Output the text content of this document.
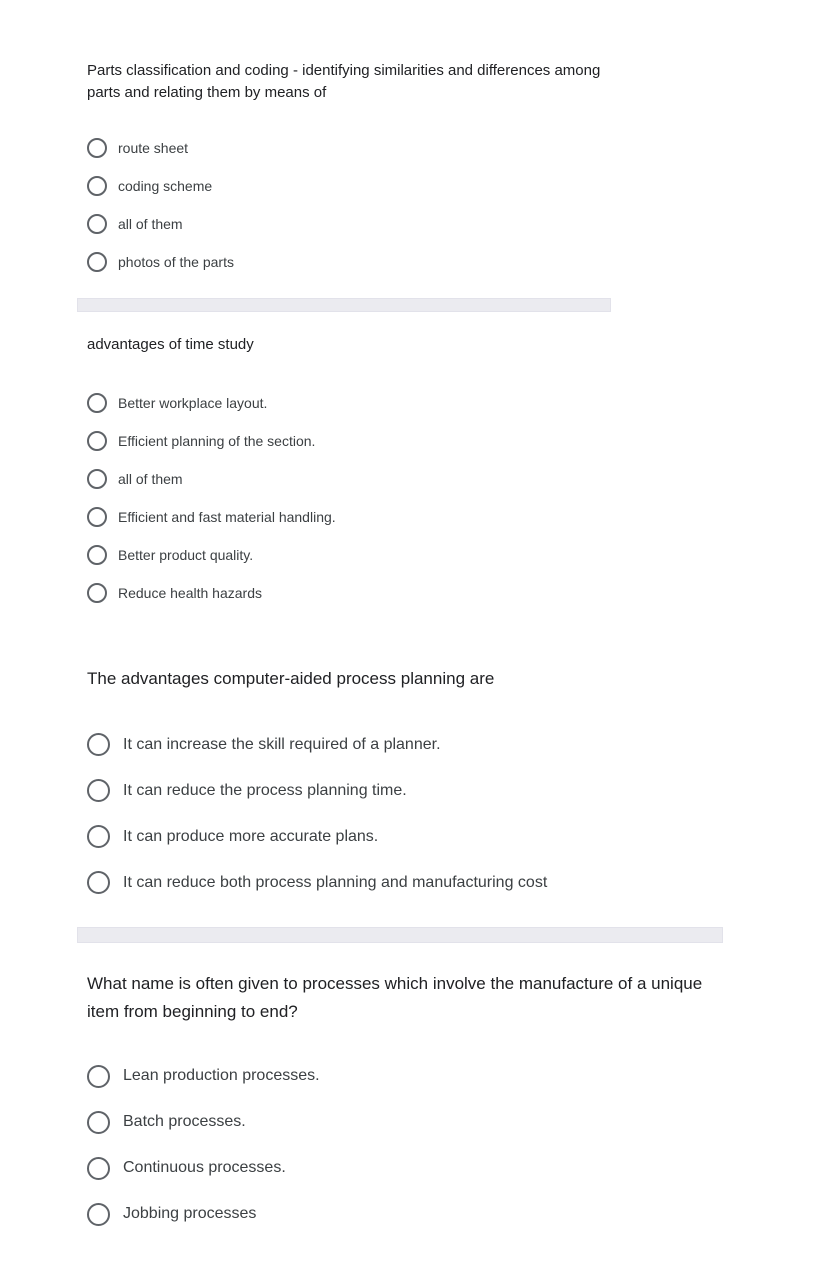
Parts classification and coding - identifying similarities and differences among parts and relating them by means of

route sheet
coding scheme
all of them
photos of the parts

advantages of time study

Better workplace layout.
Efficient planning of the section.
all of them
Efficient and fast material handling.
Better product quality.
Reduce health hazards

The advantages computer-aided process planning are

It can increase the skill required of a planner.
It can reduce the process planning time.
It can produce more accurate plans.
It can reduce both process planning and manufacturing cost

What name is often given to processes which involve the manufacture of a unique item from beginning to end?

Lean production processes.
Batch processes.
Continuous processes.
Jobbing processes
